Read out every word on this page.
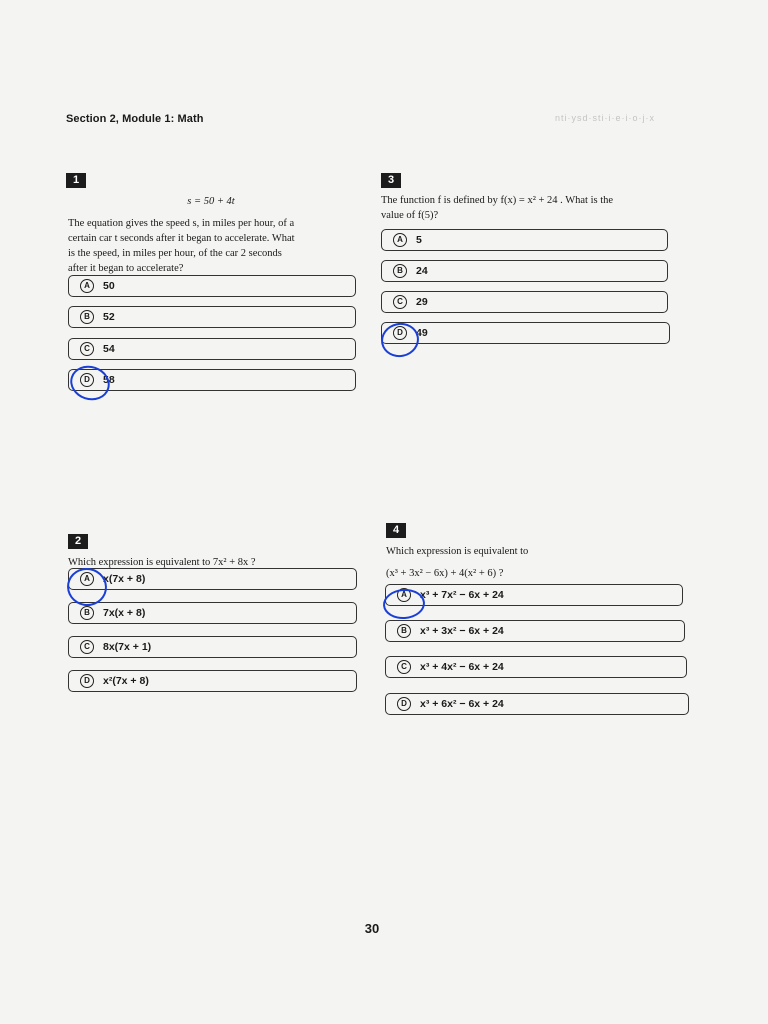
Section 2, Module 1: Math	nti·ysd·sti·i·e·i·o·j·x
1
s = 50 + 4t
The equation gives the speed s, in miles per hour, of a
certain car t seconds after it began to accelerate. What
is the speed, in miles per hour, of the car 2 seconds
after it began to accelerate?
A	50
B	52
C	54
D	58
3
The function f is defined by f(x) = x² + 24 . What is the
value of f(5)?
A	5
B	24
C	29
D	49
2
Which expression is equivalent to 7x² + 8x ?
A	x(7x + 8)
B	7x(x + 8)
C	8x(7x + 1)
D	x²(7x + 8)
4
Which expression is equivalent to
(x³ + 3x² − 6x) + 4(x² + 6) ?
A	x³ + 7x² − 6x + 24
B	x³ + 3x² − 6x + 24
C	x³ + 4x² − 6x + 24
D	x³ + 6x² − 6x + 24
30
